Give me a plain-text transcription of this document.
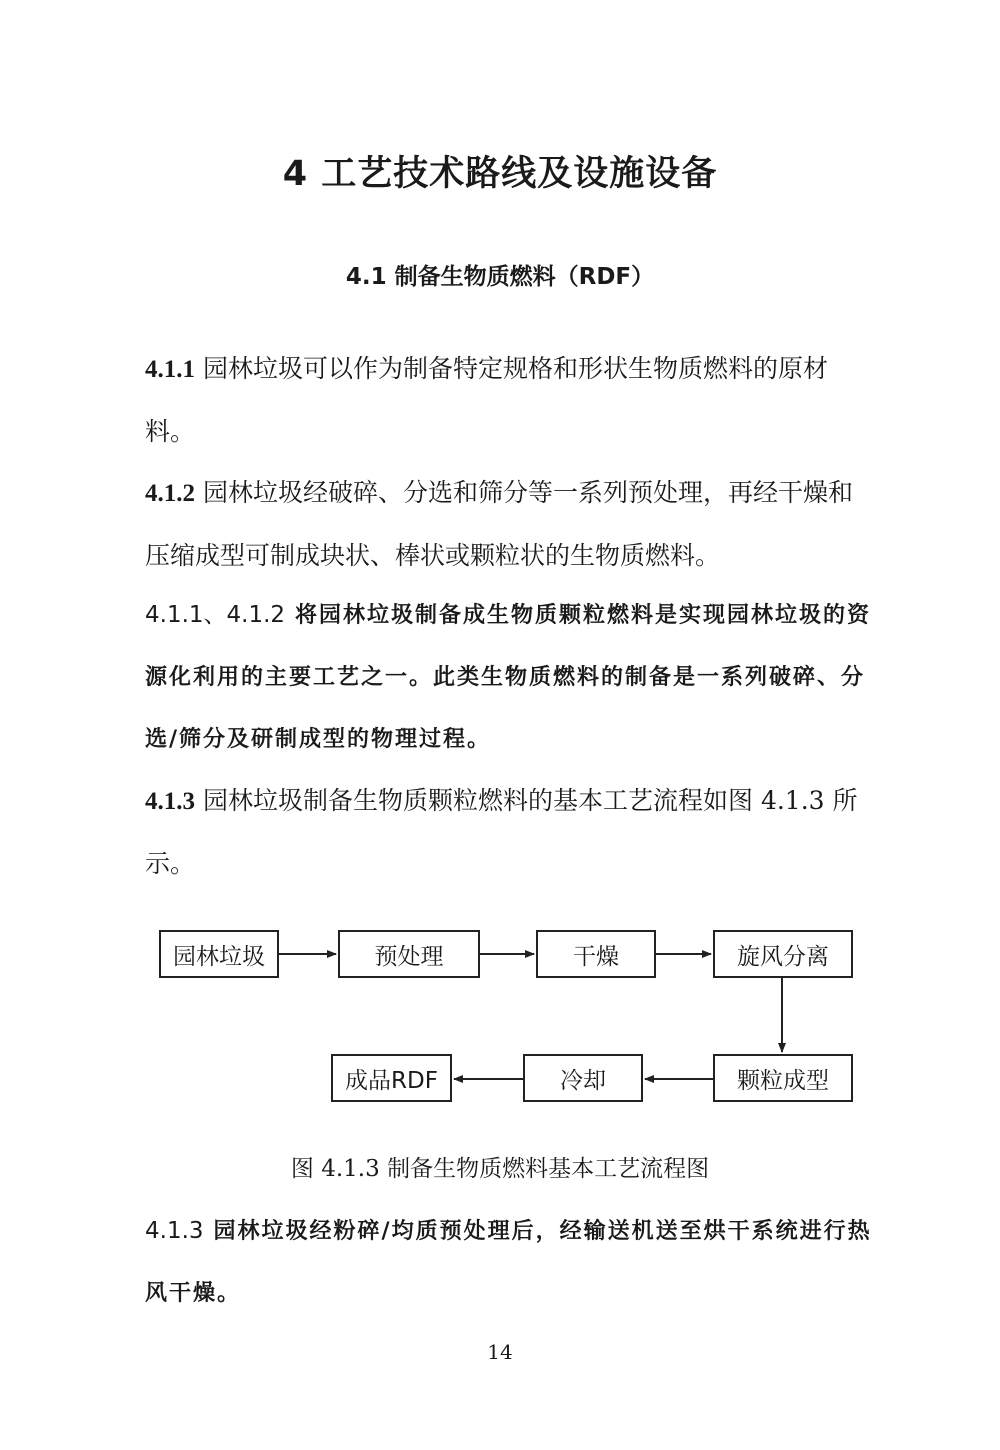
4 工艺技术路线及设施设备
4.1 制备生物质燃料（RDF）
4.1.1 园林垃圾可以作为制备特定规格和形状生物质燃料的原材料。
4.1.2 园林垃圾经破碎、分选和筛分等一系列预处理，再经干燥和压缩成型可制成块状、棒状或颗粒状的生物质燃料。
4.1.1、4.1.2 将园林垃圾制备成生物质颗粒燃料是实现园林垃圾的资源化利用的主要工艺之一。此类生物质燃料的制备是一系列破碎、分选/筛分及研制成型的物理过程。
4.1.3 园林垃圾制备生物质颗粒燃料的基本工艺流程如图 4.1.3 所示。
园林垃圾	预处理	干燥	旋风分离
颗粒成型
冷却
成品RDF
图 4.1.3 制备生物质燃料基本工艺流程图
4.1.3 园林垃圾经粉碎/均质预处理后，经输送机送至烘干系统进行热风干燥。
14
